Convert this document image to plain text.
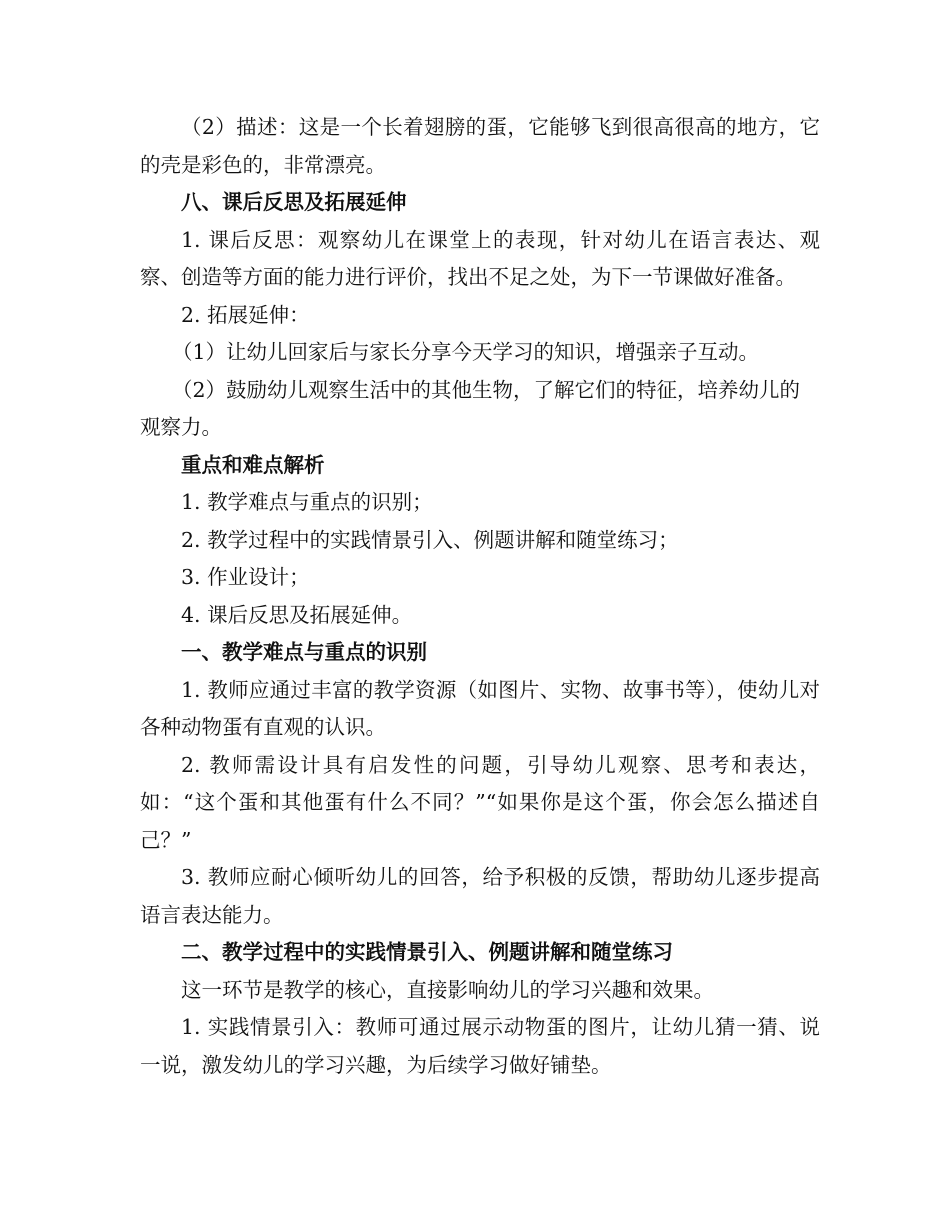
（2）描述：这是一个长着翅膀的蛋，它能够飞到很高很高的地方，它的壳是彩色的，非常漂亮。

八、课后反思及拓展延伸

1. 课后反思：观察幼儿在课堂上的表现，针对幼儿在语言表达、观察、创造等方面的能力进行评价，找出不足之处，为下一节课做好准备。

2. 拓展延伸：

（1）让幼儿回家后与家长分享今天学习的知识，增强亲子互动。

（2）鼓励幼儿观察生活中的其他生物，了解它们的特征，培养幼儿的观察力。

重点和难点解析

1. 教学难点与重点的识别；

2. 教学过程中的实践情景引入、例题讲解和随堂练习；

3. 作业设计；

4. 课后反思及拓展延伸。

一、教学难点与重点的识别

1. 教师应通过丰富的教学资源（如图片、实物、故事书等），使幼儿对各种动物蛋有直观的认识。

2. 教师需设计具有启发性的问题，引导幼儿观察、思考和表达，如：“这个蛋和其他蛋有什么不同？”“如果你是这个蛋，你会怎么描述自己？”

3. 教师应耐心倾听幼儿的回答，给予积极的反馈，帮助幼儿逐步提高语言表达能力。

二、教学过程中的实践情景引入、例题讲解和随堂练习

这一环节是教学的核心，直接影响幼儿的学习兴趣和效果。

1. 实践情景引入：教师可通过展示动物蛋的图片，让幼儿猜一猜、说一说，激发幼儿的学习兴趣，为后续学习做好铺垫。
